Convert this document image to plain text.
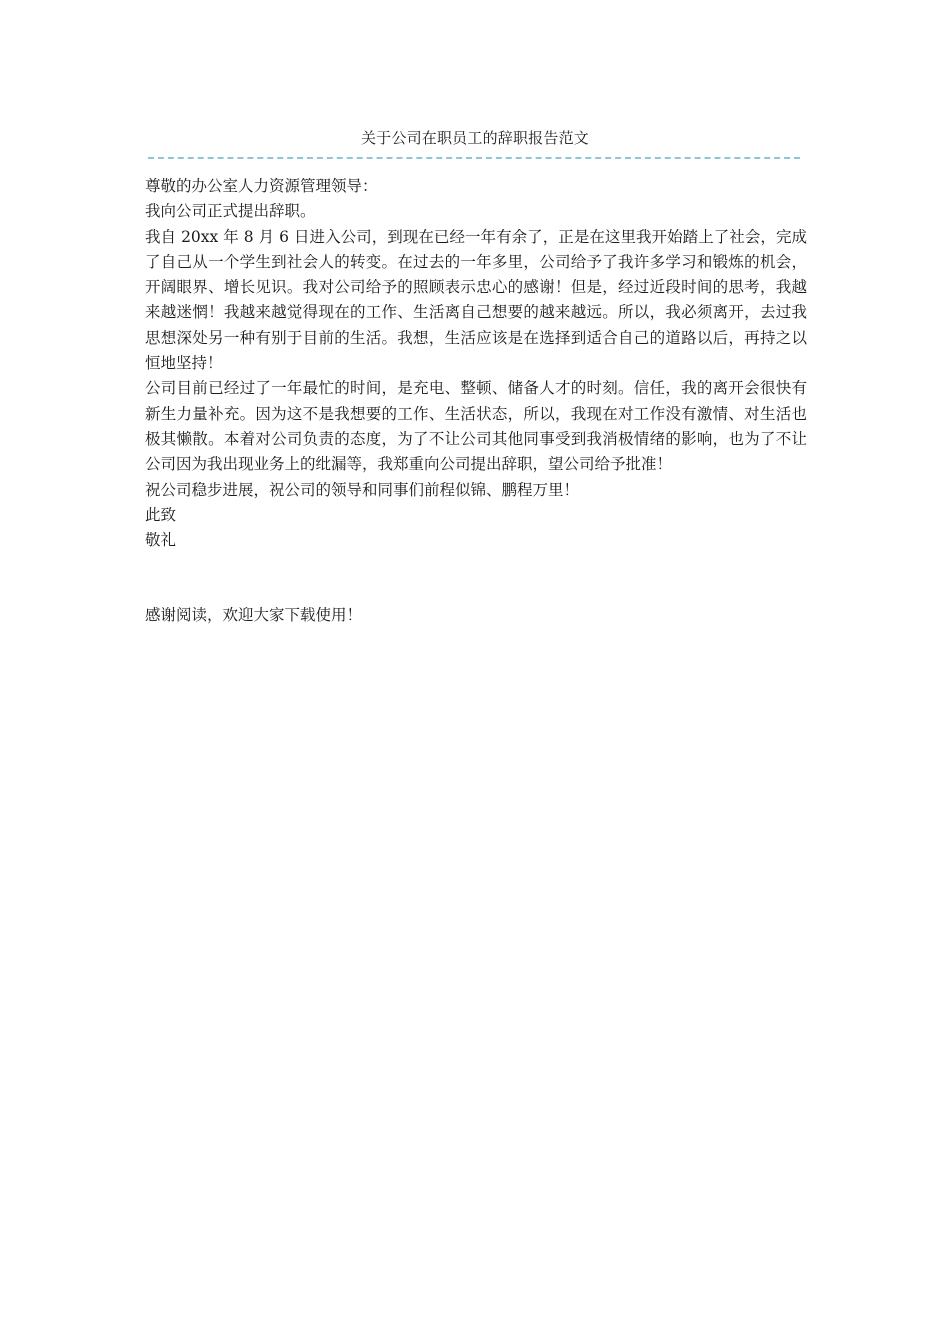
关于公司在职员工的辞职报告范文

尊敬的办公室人力资源管理领导：

我向公司正式提出辞职。

我自 20xx 年 8 月 6 日进入公司，到现在已经一年有余了，正是在这里我开始踏上了社会，完成了自己从一个学生到社会人的转变。在过去的一年多里，公司给予了我许多学习和锻炼的机会，开阔眼界、增长见识。我对公司给予的照顾表示忠心的感谢！但是，经过近段时间的思考，我越来越迷惘！我越来越觉得现在的工作、生活离自己想要的越来越远。所以，我必须离开，去过我思想深处另一种有别于目前的生活。我想，生活应该是在选择到适合自己的道路以后，再持之以恒地坚持！

公司目前已经过了一年最忙的时间，是充电、整顿、储备人才的时刻。信任，我的离开会很快有新生力量补充。因为这不是我想要的工作、生活状态，所以，我现在对工作没有激情、对生活也极其懒散。本着对公司负责的态度，为了不让公司其他同事受到我消极情绪的影响，也为了不让公司因为我出现业务上的纰漏等，我郑重向公司提出辞职，望公司给予批准！

祝公司稳步进展，祝公司的领导和同事们前程似锦、鹏程万里！

此致

敬礼

感谢阅读，欢迎大家下载使用！
